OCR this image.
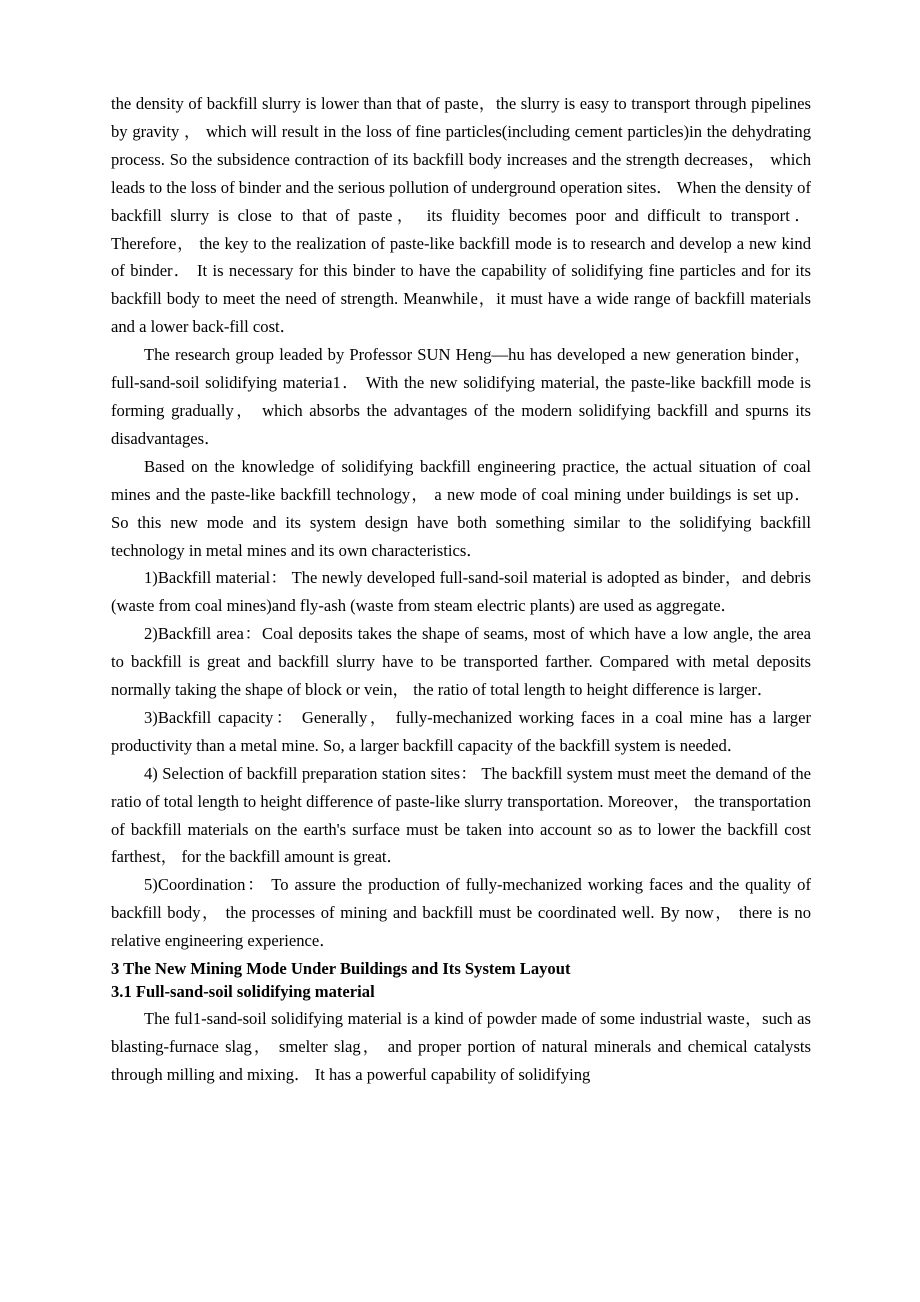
the density of backfill slurry is lower than that of paste，the slurry is easy to transport through pipelines by gravity ， which will result in the loss of fine particles(including cement particles)in the dehydrating process. So the subsidence contraction of its backfill body increases and the strength decreases， which leads to the loss of binder and the serious pollution of underground operation sites． When the density of backfill slurry is close to that of paste， its fluidity becomes poor and difficult to transport． Therefore， the key to the realization of paste-like backfill mode is to research and develop a new kind of binder． It is necessary for this binder to have the capability of solidifying fine particles and for its backfill body to meet the need of strength. Meanwhile，it must have a wide range of backfill materials and a lower back-fill cost．

The research group leaded by Professor SUN Heng—hu has developed a new generation binder，full-sand-soil solidifying materia1． With the new solidifying material, the paste-like backfill mode is forming gradually， which absorbs the advantages of the modern solidifying backfill and spurns its disadvantages．

Based on the knowledge of solidifying backfill engineering practice, the actual situation of coal mines and the paste-like backfill technology， a new mode of coal mining under buildings is set up． So this new mode and its system design have both something similar to the solidifying backfill technology in metal mines and its own characteristics．

1)Backfill material： The newly developed full-sand-soil material is adopted as binder，and debris (waste from coal mines)and fly-ash (waste from steam electric plants) are used as aggregate．

2)Backfill area：Coal deposits takes the shape of seams, most of which have a low angle, the area to backfill is great and backfill slurry have to be transported farther. Compared with metal deposits normally taking the shape of block or vein， the ratio of total length to height difference is larger．

3)Backfill capacity： Generally， fully-mechanized working faces in a coal mine has a larger productivity than a metal mine. So, a larger backfill capacity of the backfill system is needed．

4) Selection of backfill preparation station sites： The backfill system must meet the demand of the ratio of total length to height difference of paste-like slurry transportation. Moreover， the transportation of backfill materials on the earth's surface must be taken into account so as to lower the backfill cost farthest， for the backfill amount is great．

5)Coordination： To assure the production of fully-mechanized working faces and the quality of backfill body， the processes of mining and backfill must be coordinated well. By now， there is no relative engineering experience．

3 The New Mining Mode Under Buildings and Its System Layout
3.1 Full-sand-soil solidifying material

The ful1-sand-soil solidifying material is a kind of powder made of some industrial waste，such as blasting-furnace slag， smelter slag， and proper portion of natural minerals and chemical catalysts through milling and mixing． It has a powerful capability of solidifying
